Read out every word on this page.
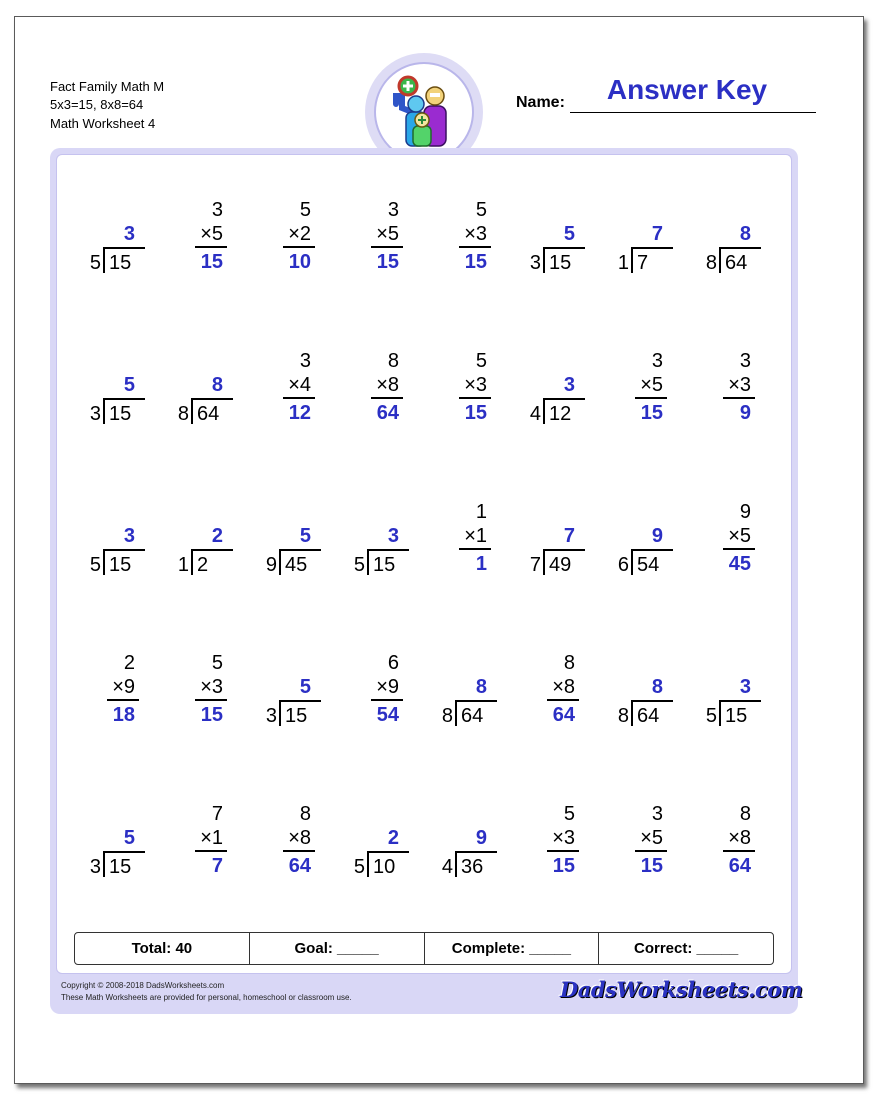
Fact Family Math M
5x3=15, 8x8=64
Math Worksheet 4
Name:	Answer Key
3
5 15
3
×5
15
5
×2
10
3
×5
15
5
×3
15
5
3 15
7
1 7
8
8 64
5
3 15
8
8 64
3
×4
12
8
×8
64
5
×3
15
3
4 12
3
×5
15
3
×3
9
3
5 15
2
1 2
5
9 45
3
5 15
1
×1
1
7
7 49
9
6 54
9
×5
45
2
×9
18
5
×3
15
5
3 15
6
×9
54
8
8 64
8
×8
64
8
8 64
3
5 15
5
3 15
7
×1
7
8
×8
64
2
5 10
9
4 36
5
×3
15
3
×5
15
8
×8
64
Total: 40	Goal: _____	Complete: _____	Correct: _____
Copyright © 2008-2018 DadsWorksheets.com
These Math Worksheets are provided for personal, homeschool or classroom use.	DadsWorksheets.com
